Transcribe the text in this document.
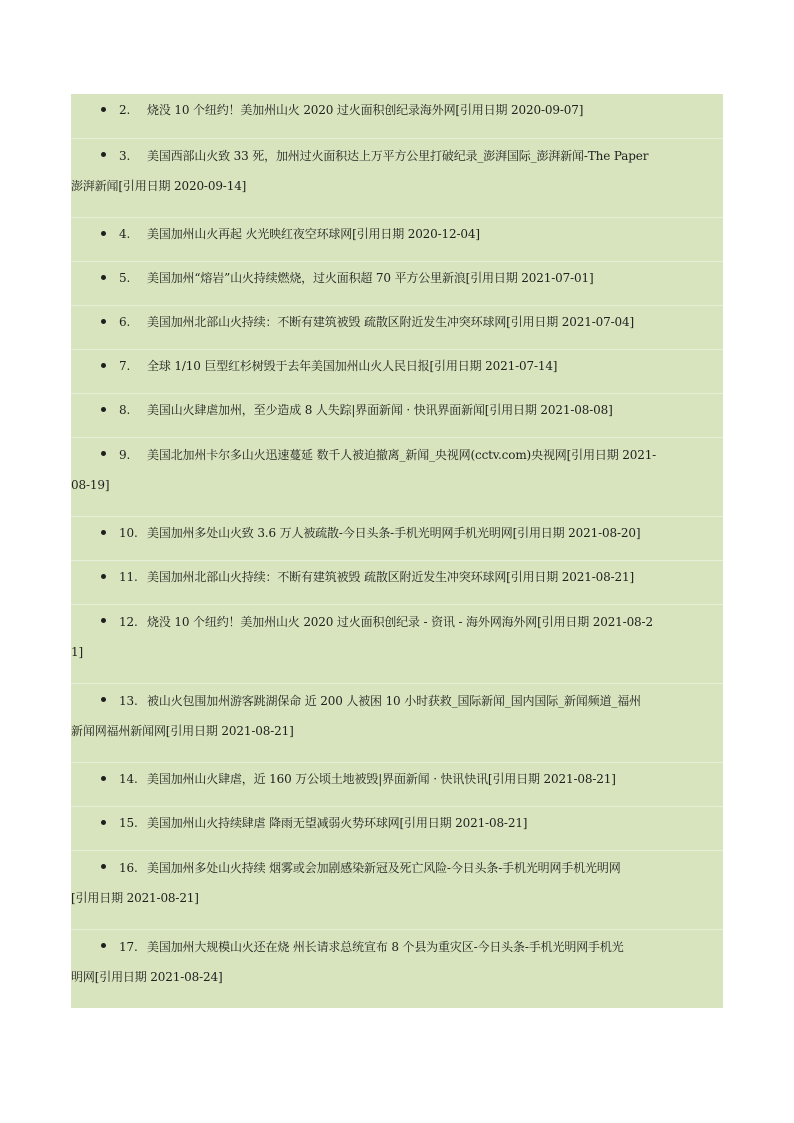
2. 烧没 10 个纽约！美加州山火 2020 过火面积创纪录海外网[引用日期 2020-09-07]
3. 美国西部山火致 33 死，加州过火面积达上万平方公里打破纪录_澎湃国际_澎湃新闻-The Paper
澎湃新闻[引用日期 2020-09-14]
4. 美国加州山火再起 火光映红夜空环球网[引用日期 2020-12-04]
5. 美国加州“熔岩”山火持续燃烧，过火面积超 70 平方公里新浪[引用日期 2021-07-01]
6. 美国加州北部山火持续：不断有建筑被毁 疏散区附近发生冲突环球网[引用日期 2021-07-04]
7. 全球 1/10 巨型红杉树毁于去年美国加州山火人民日报[引用日期 2021-07-14]
8. 美国山火肆虐加州，至少造成 8 人失踪|界面新闻 · 快讯界面新闻[引用日期 2021-08-08]
9. 美国北加州卡尔多山火迅速蔓延 数千人被迫撤离_新闻_央视网(cctv.com)央视网[引用日期 2021-
08-19]
10. 美国加州多处山火致 3.6 万人被疏散-今日头条-手机光明网手机光明网[引用日期 2021-08-20]
11. 美国加州北部山火持续：不断有建筑被毁 疏散区附近发生冲突环球网[引用日期 2021-08-21]
12. 烧没 10 个纽约！美加州山火 2020 过火面积创纪录 - 资讯 - 海外网海外网[引用日期 2021-08-2
1]
13. 被山火包围加州游客跳湖保命 近 200 人被困 10 小时获救_国际新闻_国内国际_新闻频道_福州
新闻网福州新闻网[引用日期 2021-08-21]
14. 美国加州山火肆虐，近 160 万公顷土地被毁|界面新闻 · 快讯快讯[引用日期 2021-08-21]
15. 美国加州山火持续肆虐 降雨无望减弱火势环球网[引用日期 2021-08-21]
16. 美国加州多处山火持续 烟雾或会加剧感染新冠及死亡风险-今日头条-手机光明网手机光明网
[引用日期 2021-08-21]
17. 美国加州大规模山火还在烧 州长请求总统宣布 8 个县为重灾区-今日头条-手机光明网手机光
明网[引用日期 2021-08-24]
